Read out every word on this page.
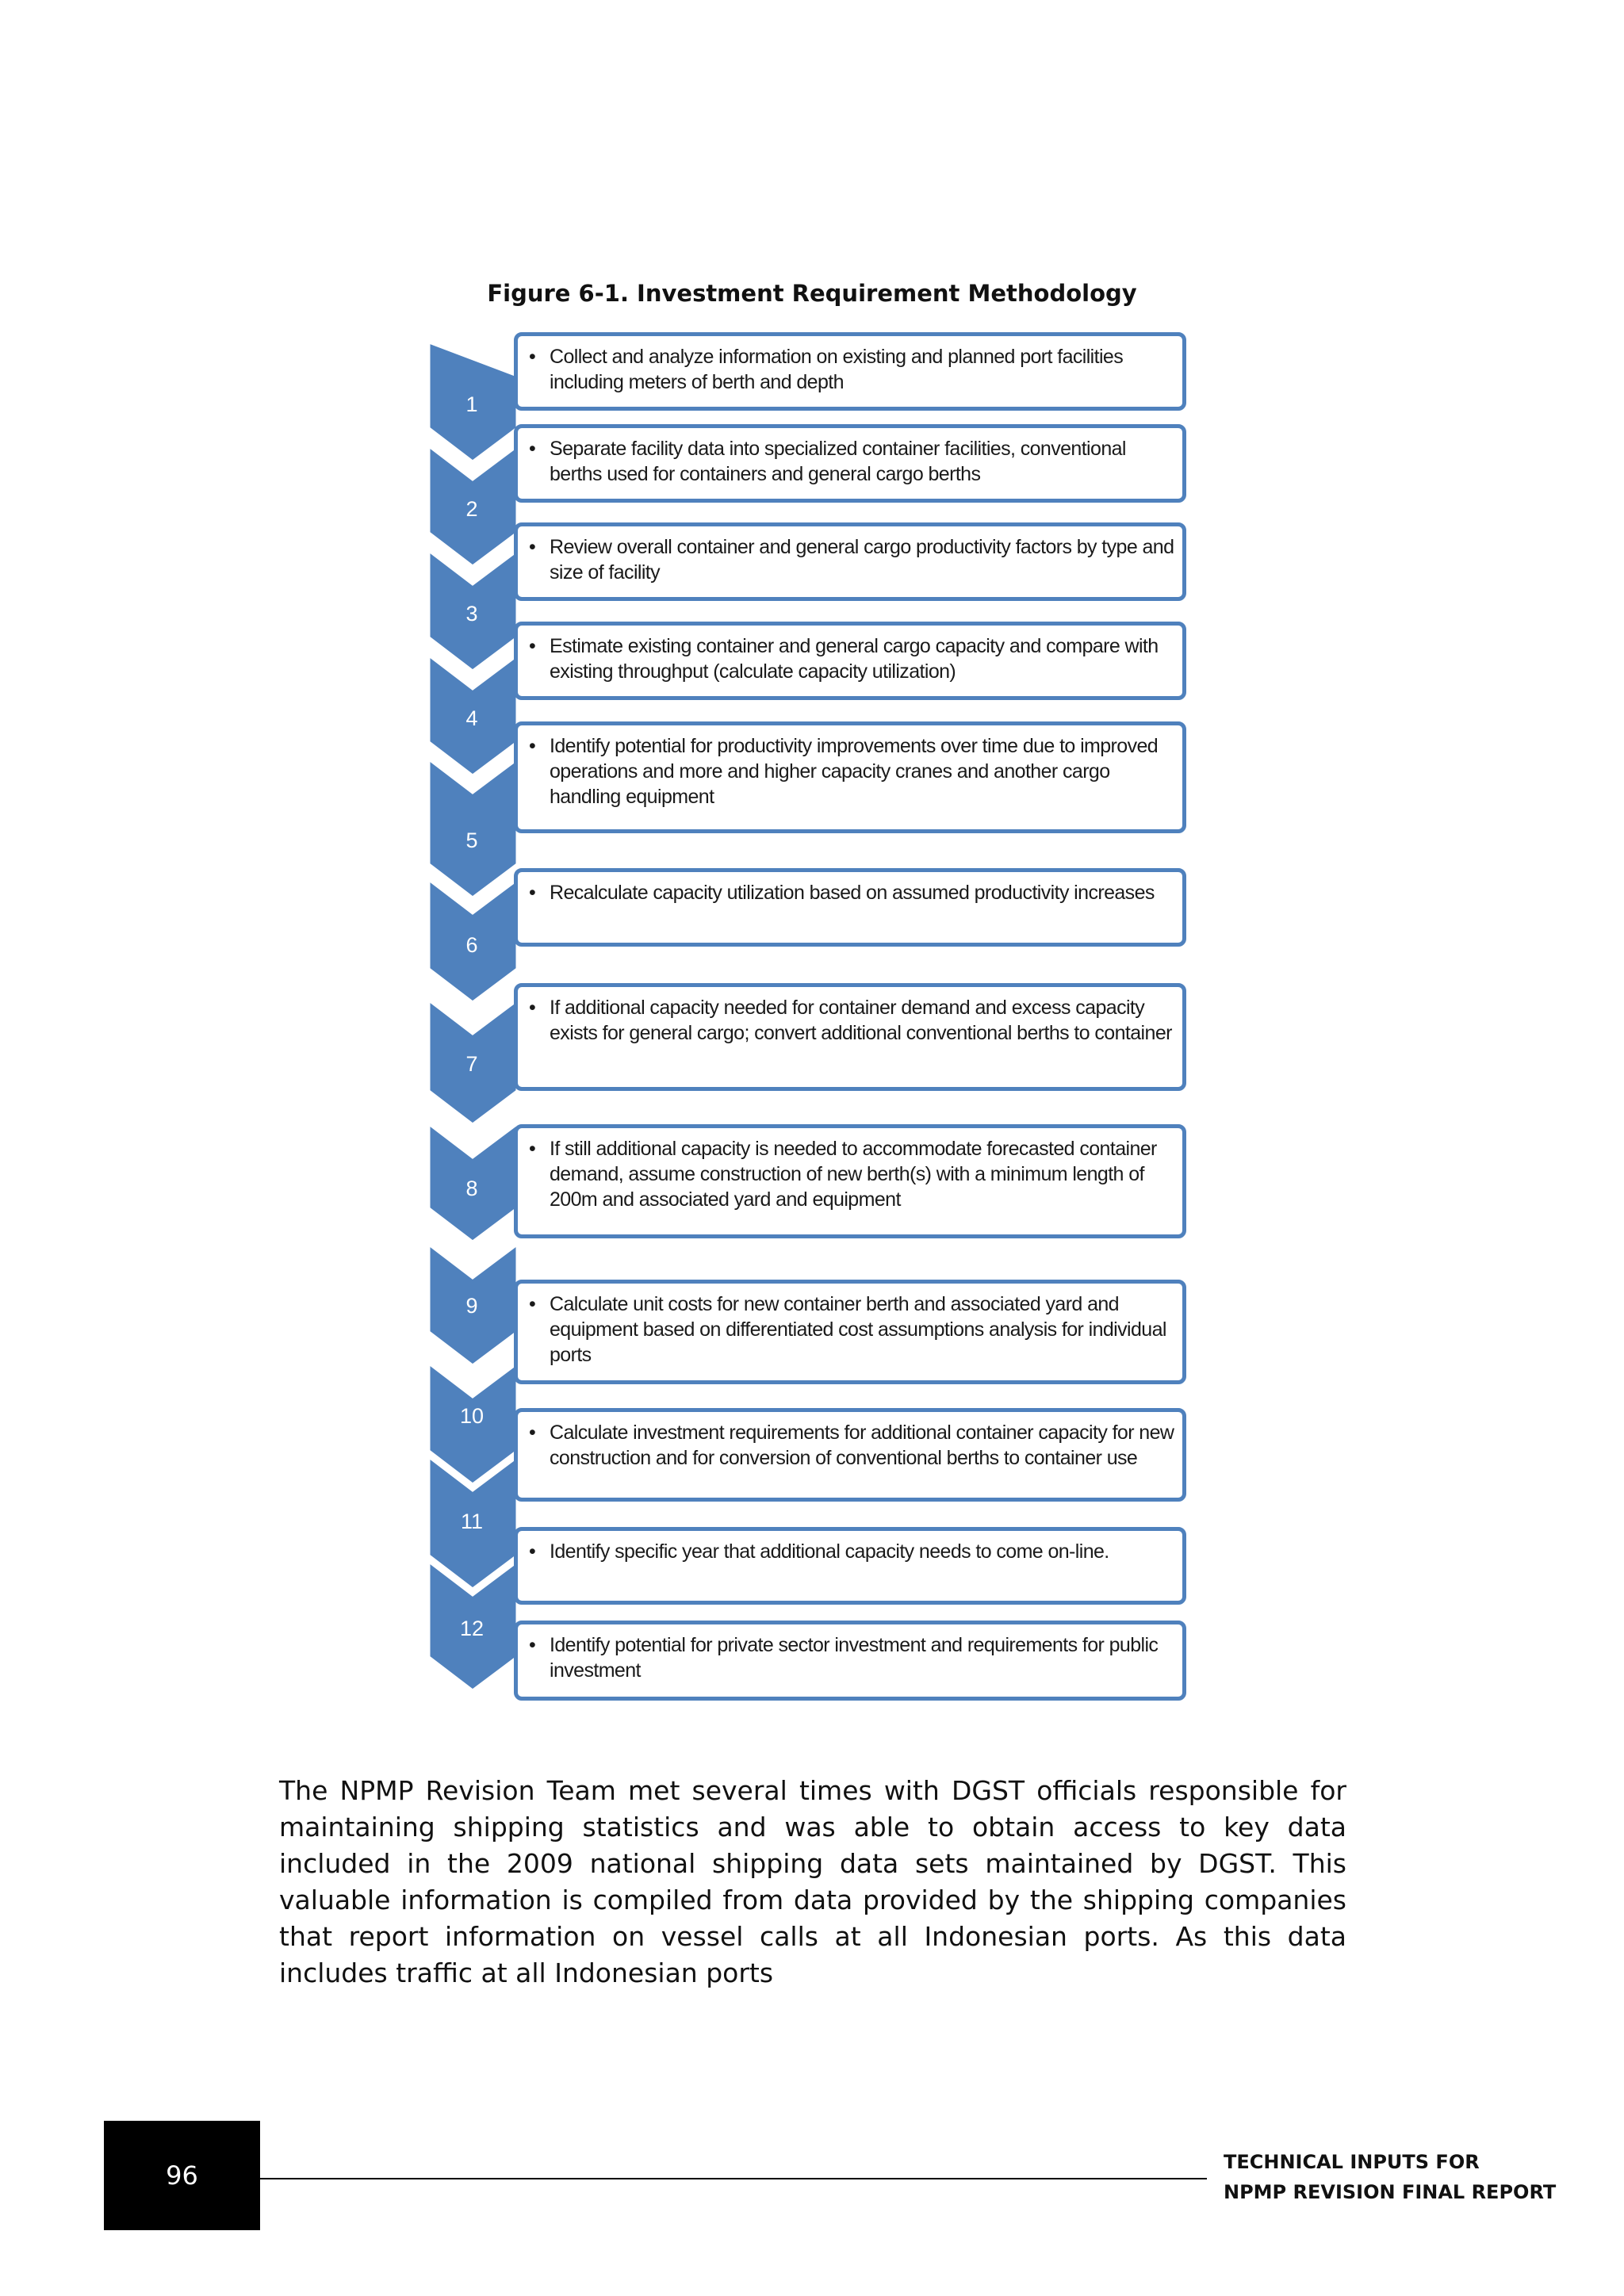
Figure 6-1. Investment Requirement Methodology
• Collect and analyze information on existing and planned port facilities including meters of berth and depth
1
• Separate facility data into specialized container facilities, conventional berths used for containers and general cargo berths
2
• Review overall container and general cargo productivity factors by type and size of facility
3
• Estimate existing container and general cargo capacity and compare with existing throughput (calculate capacity utilization)
4
• Identify potential for productivity improvements over time due to improved operations and more and higher capacity cranes and another cargo handling equipment
5
• Recalculate capacity utilization based on assumed productivity increases
6
• If additional capacity needed for container demand and excess capacity exists for general cargo; convert additional conventional berths to container
7
• If still additional capacity is needed to accommodate forecasted container demand, assume construction of new berth(s) with a minimum length of 200m and associated yard and equipment
8
• Calculate unit costs for new container berth and associated yard and equipment based on differentiated cost assumptions analysis for individual ports
9
• Calculate investment requirements for additional container capacity for new construction and for conversion of conventional berths to container use
10
• Identify specific year that additional capacity needs to come on-line.
11
• Identify potential for private sector investment and requirements for public investment
12

The NPMP Revision Team met several times with DGST officials responsible for maintaining shipping statistics and was able to obtain access to key data included in the 2009 national shipping data sets maintained by DGST. This valuable information is compiled from data provided by the shipping companies that report information on vessel calls at all Indonesian ports. As this data includes traffic at all Indonesian ports

96	TECHNICAL INPUTS FOR
NPMP REVISION FINAL REPORT
